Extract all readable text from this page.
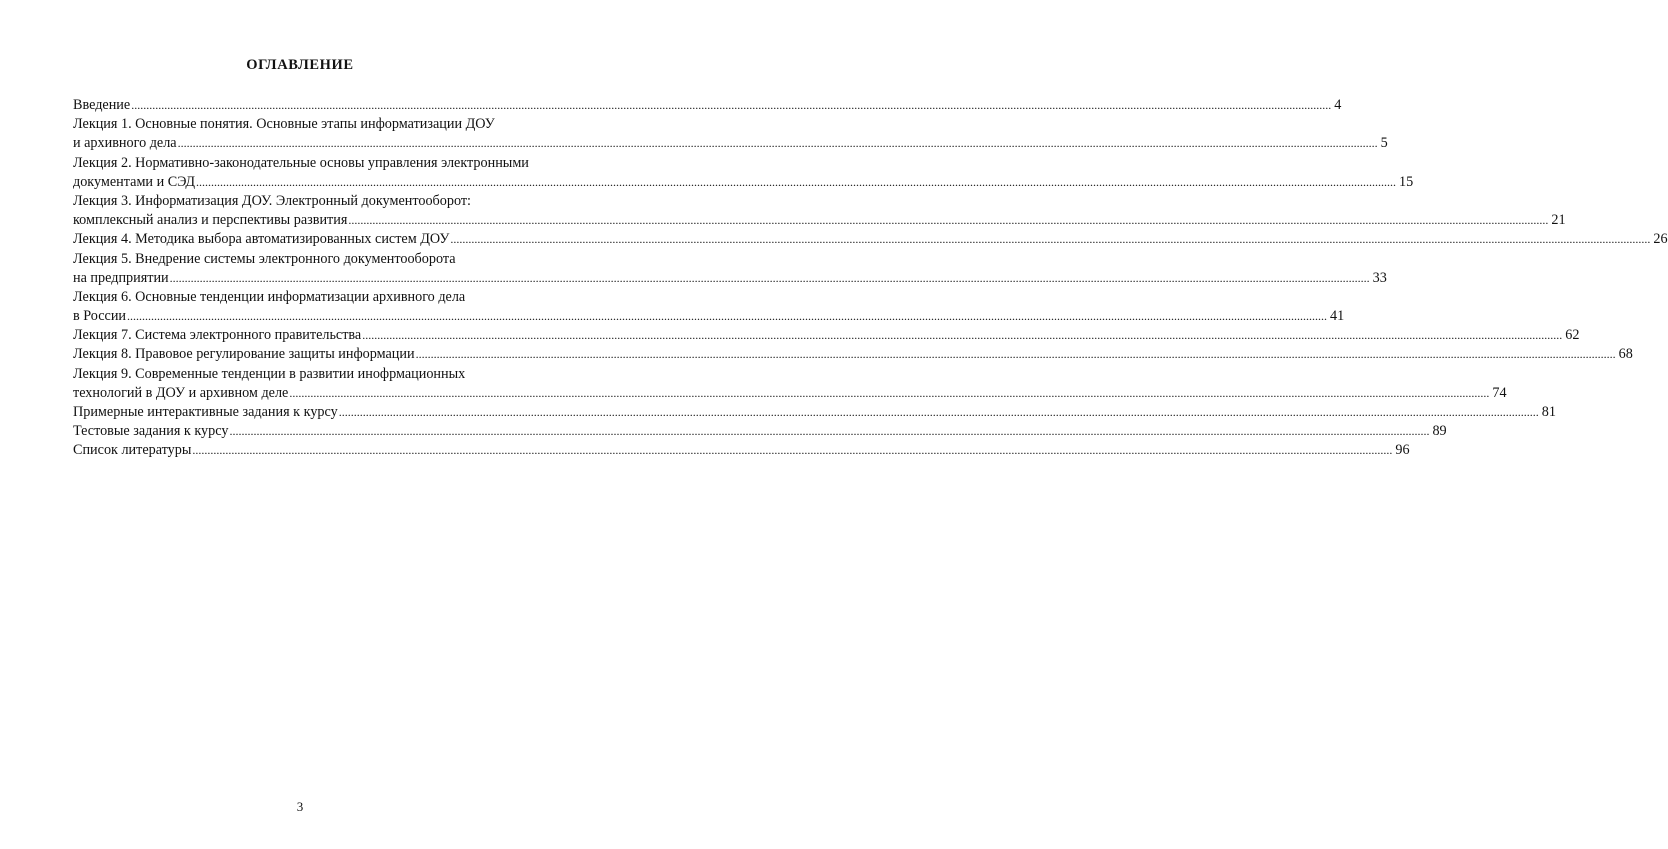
ОГЛАВЛЕНИЕ
Введение ................................................................................................................................................................................................................................................................................................................................................................................................................ 4
Лекция 1. Основные понятия. Основные этапы информатизации ДОУ
и архивного дела ................................................................................................................................................................................................................................................................................................................................................................................................................ 5
Лекция 2. Нормативно-законодательные основы управления электронными
документами и СЭД ................................................................................................................................................................................................................................................................................................................................................................................................................ 15
Лекция 3. Информатизация ДОУ. Электронный документооборот:
комплексный анализ и перспективы развития ................................................................................................................................................................................................................................................................................................................................................................................................................ 21
Лекция 4. Методика выбора автоматизированных систем ДОУ ................................................................................................................................................................................................................................................................................................................................................................................................................ 26
Лекция 5. Внедрение системы электронного документооборота
на предприятии ................................................................................................................................................................................................................................................................................................................................................................................................................ 33
Лекция 6. Основные тенденции информатизации архивного дела
в России ................................................................................................................................................................................................................................................................................................................................................................................................................ 41
Лекция 7. Система электронного правительства ................................................................................................................................................................................................................................................................................................................................................................................................................ 62
Лекция 8. Правовое регулирование защиты информации ................................................................................................................................................................................................................................................................................................................................................................................................................ 68
Лекция 9. Современные тенденции в развитии инофрмационных
технологий в ДОУ и архивном деле ................................................................................................................................................................................................................................................................................................................................................................................................................ 74
Примерные интерактивные задания к курсу ................................................................................................................................................................................................................................................................................................................................................................................................................ 81
Тестовые задания к курсу ................................................................................................................................................................................................................................................................................................................................................................................................................ 89
Список литературы ................................................................................................................................................................................................................................................................................................................................................................................................................ 96
3
